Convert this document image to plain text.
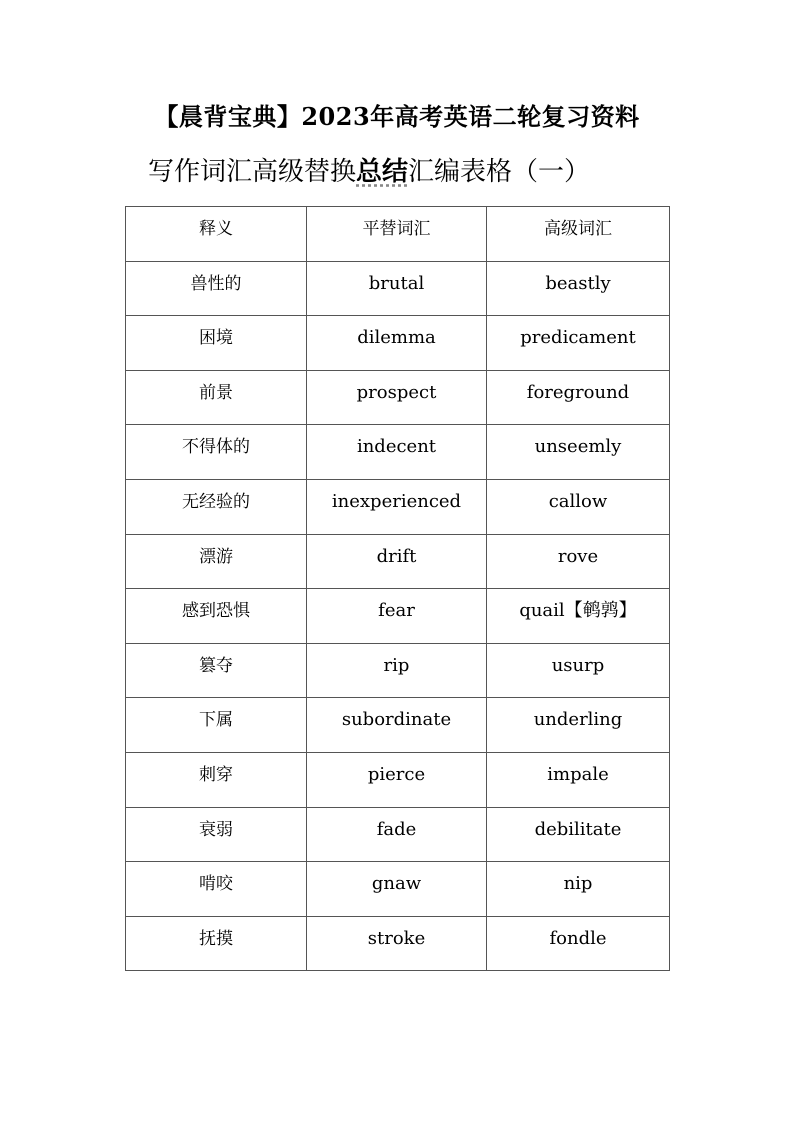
【晨背宝典】2023年高考英语二轮复习资料

写作词汇高级替换总结汇编表格（一）

释义	平替词汇	高级词汇
兽性的	brutal	beastly
困境	dilemma	predicament
前景	prospect	foreground
不得体的	indecent	unseemly
无经验的	inexperienced	callow
漂游	drift	rove
感到恐惧	fear	quail【鹌鹑】
篡夺	rip	usurp
下属	subordinate	underling
刺穿	pierce	impale
衰弱	fade	debilitate
啃咬	gnaw	nip
抚摸	stroke	fondle
